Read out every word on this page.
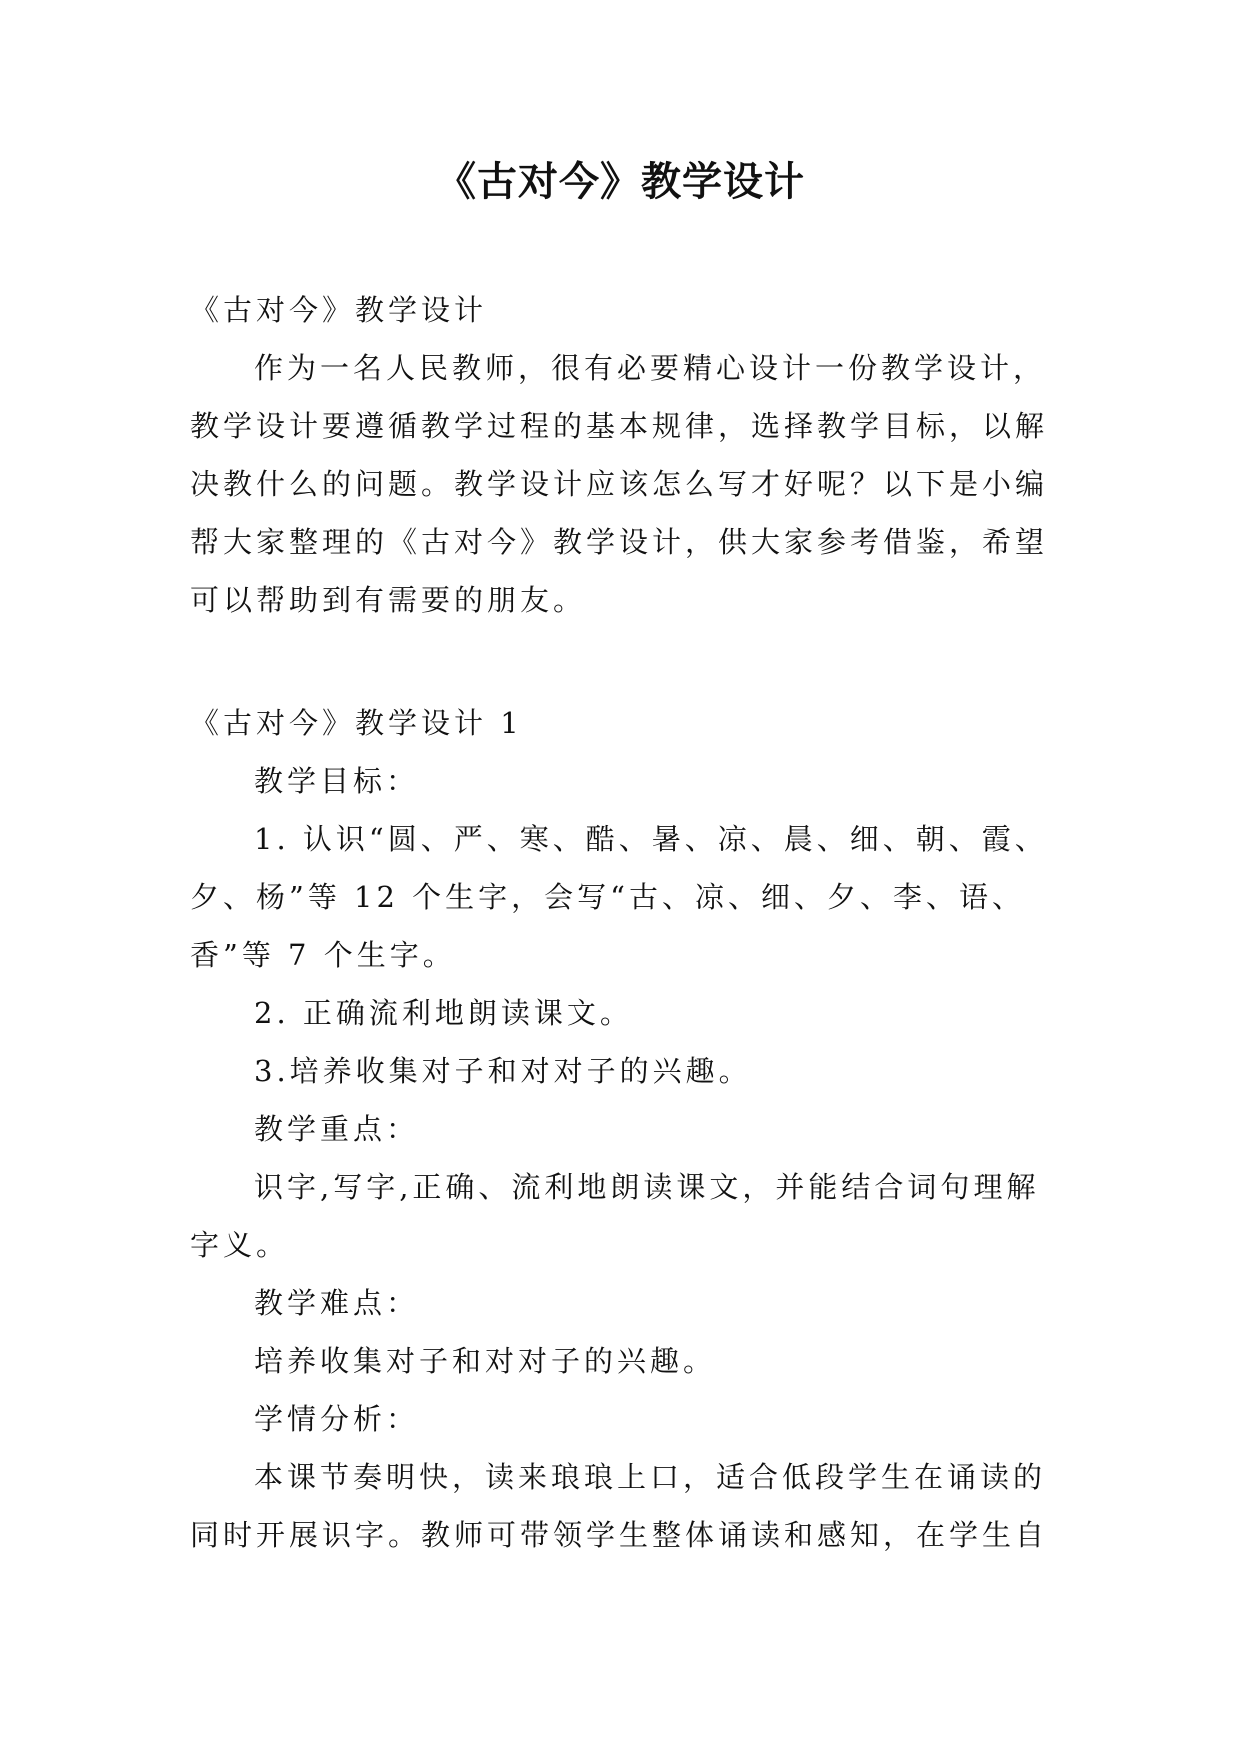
《古对今》教学设计
《古对今》教学设计
作为一名人民教师，很有必要精心设计一份教学设计，
教学设计要遵循教学过程的基本规律，选择教学目标，以解
决教什么的问题。教学设计应该怎么写才好呢？以下是小编
帮大家整理的《古对今》教学设计，供大家参考借鉴，希望
可以帮助到有需要的朋友。
《古对今》教学设计 1
教学目标：
1. 认识“圆、严、寒、酷、暑、凉、晨、细、朝、霞、
夕、杨”等 12 个生字，会写“古、凉、细、夕、李、语、
香”等 7 个生字。
2. 正确流利地朗读课文。
3.培养收集对子和对对子的兴趣。
教学重点：
识字,写字,正确、流利地朗读课文，并能结合词句理解
字义。
教学难点：
培养收集对子和对对子的兴趣。
学情分析：
本课节奏明快，读来琅琅上口，适合低段学生在诵读的
同时开展识字。教师可带领学生整体诵读和感知，在学生自
